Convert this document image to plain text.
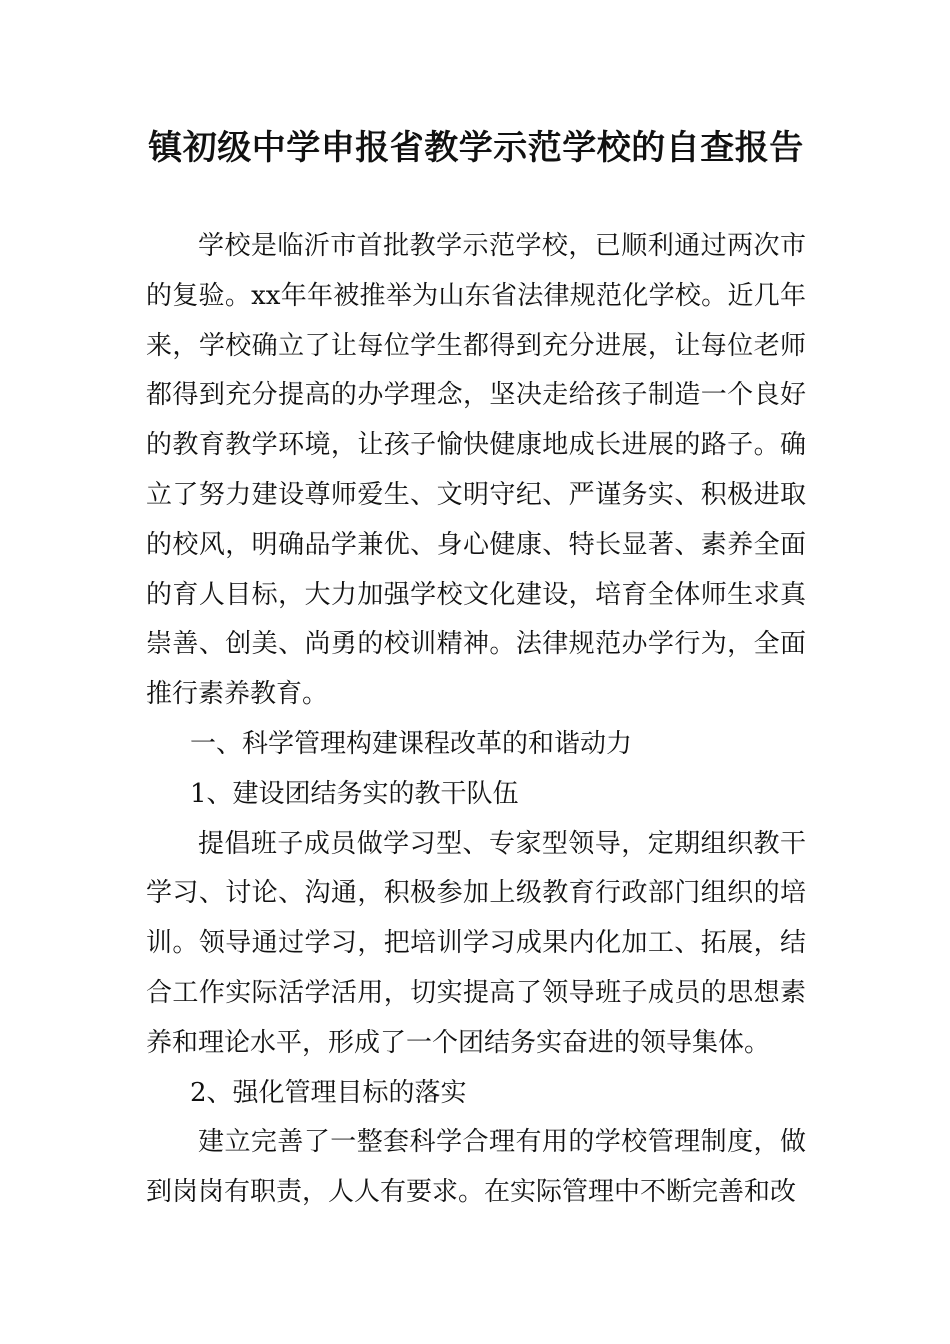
镇初级中学申报省教学示范学校的自查报告

学校是临沂市首批教学示范学校，已顺利通过两次市的复验。xx年年被推举为山东省法律规范化学校。近几年来，学校确立了让每位学生都得到充分进展，让每位老师都得到充分提高的办学理念，坚决走给孩子制造一个良好的教育教学环境，让孩子愉快健康地成长进展的路子。确立了努力建设尊师爱生、文明守纪、严谨务实、积极进取的校风，明确品学兼优、身心健康、特长显著、素养全面的育人目标，大力加强学校文化建设，培育全体师生求真崇善、创美、尚勇的校训精神。法律规范办学行为，全面推行素养教育。

一、科学管理构建课程改革的和谐动力

1、建设团结务实的教干队伍

提倡班子成员做学习型、专家型领导，定期组织教干学习、讨论、沟通，积极参加上级教育行政部门组织的培训。领导通过学习，把培训学习成果内化加工、拓展，结合工作实际活学活用，切实提高了领导班子成员的思想素养和理论水平，形成了一个团结务实奋进的领导集体。

2、强化管理目标的落实

建立完善了一整套科学合理有用的学校管理制度，做到岗岗有职责，人人有要求。在实际管理中不断完善和改
